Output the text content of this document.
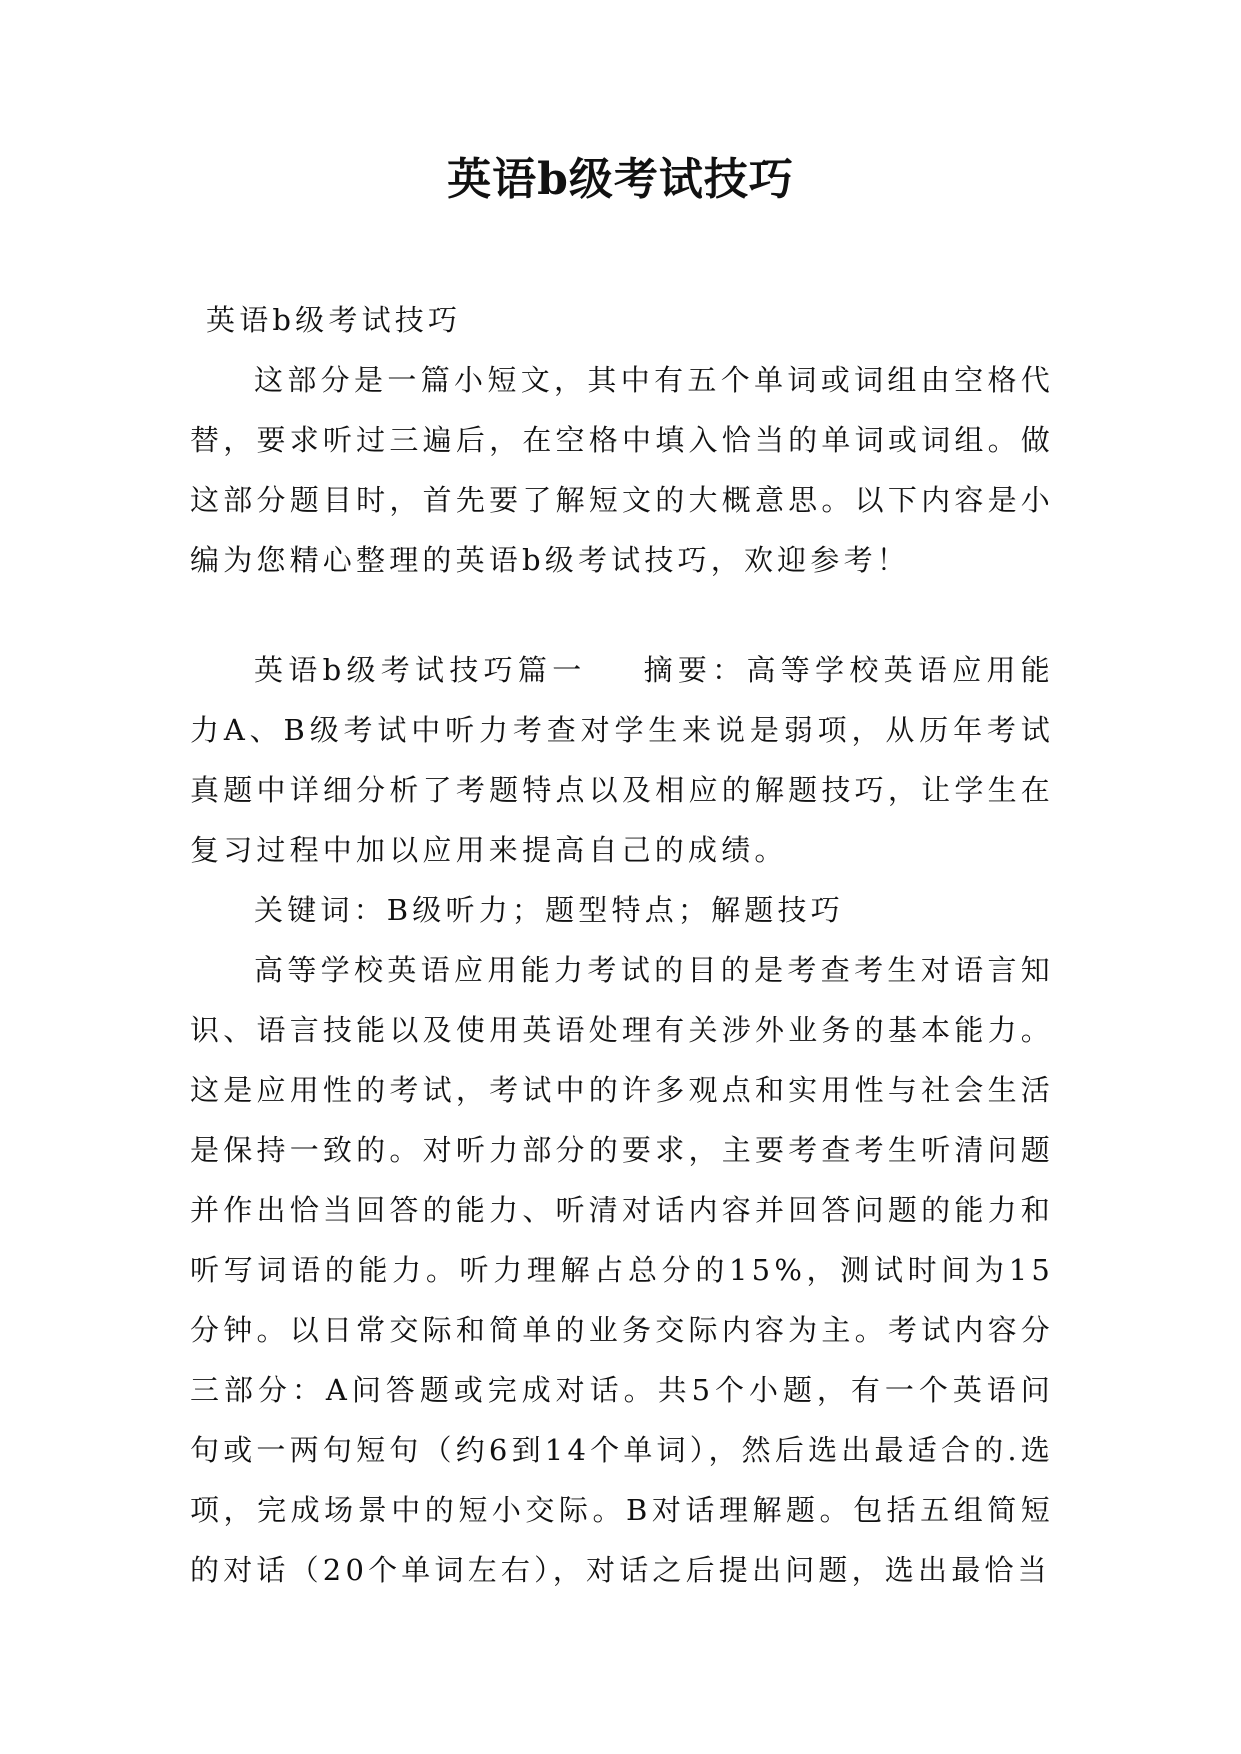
英语b级考试技巧

英语b级考试技巧

这部分是一篇小短文，其中有五个单词或词组由空格代替，要求听过三遍后，在空格中填入恰当的单词或词组。做这部分题目时，首先要了解短文的大概意思。以下内容是小编为您精心整理的英语b级考试技巧，欢迎参考！

英语b级考试技巧篇一 摘要：高等学校英语应用能力A、B级考试中听力考查对学生来说是弱项，从历年考试真题中详细分析了考题特点以及相应的解题技巧，让学生在复习过程中加以应用来提高自己的成绩。

关键词：B级听力；题型特点；解题技巧

高等学校英语应用能力考试的目的是考查考生对语言知识、语言技能以及使用英语处理有关涉外业务的基本能力。这是应用性的考试，考试中的许多观点和实用性与社会生活是保持一致的。对听力部分的要求，主要考查考生听清问题并作出恰当回答的能力、听清对话内容并回答问题的能力和听写词语的能力。听力理解占总分的15%，测试时间为15分钟。以日常交际和简单的业务交际内容为主。考试内容分三部分：A问答题或完成对话。共5个小题，有一个英语问句或一两句短句（约6到14个单词），然后选出最适合的.选项，完成场景中的短小交际。B对话理解题。包括五组简短的对话（20个单词左右），对话之后提出问题，选出最恰当
